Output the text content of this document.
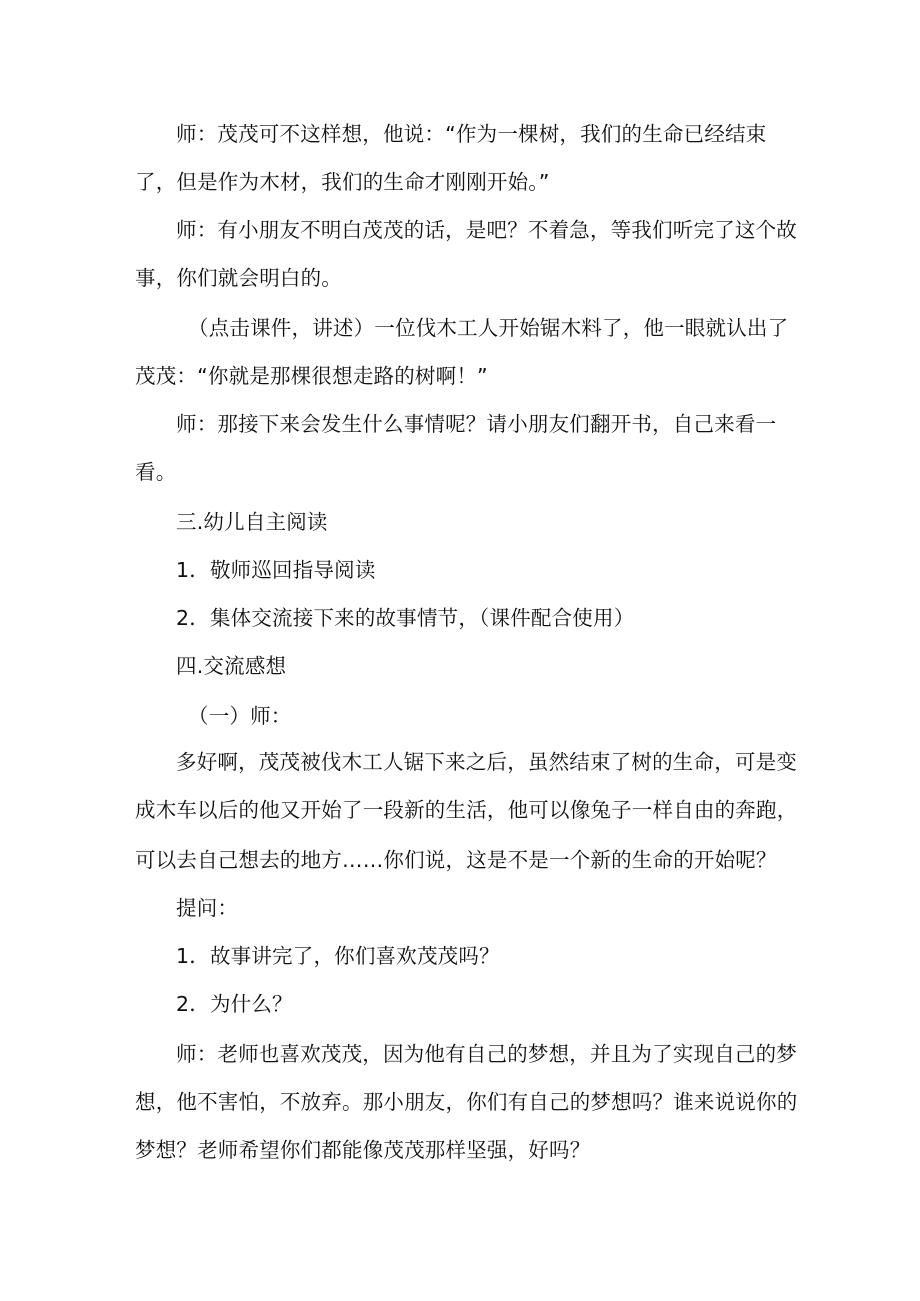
师：茂茂可不这样想，他说：“作为一棵树，我们的生命已经结束
了，但是作为木材，我们的生命才刚刚开始。”
师：有小朋友不明白茂茂的话，是吧？不着急，等我们听完了这个故
事，你们就会明白的。
（点击课件，讲述）一位伐木工人开始锯木料了，他一眼就认出了
茂茂：“你就是那棵很想走路的树啊！”
师：那接下来会发生什么事情呢？请小朋友们翻开书，自己来看一
看。
三.幼儿自主阅读
1．敬师巡回指导阅读
2．集体交流接下来的故事情节，（课件配合使用）
四.交流感想
（一）师：
多好啊，茂茂被伐木工人锯下来之后，虽然结束了树的生命，可是变
成木车以后的他又开始了一段新的生活，他可以像兔子一样自由的奔跑，
可以去自己想去的地方……你们说，这是不是一个新的生命的开始呢？
提问：
1．故事讲完了，你们喜欢茂茂吗？
2．为什么？
师：老师也喜欢茂茂，因为他有自己的梦想，并且为了实现自己的梦
想，他不害怕，不放弃。那小朋友，你们有自己的梦想吗？谁来说说你的
梦想？老师希望你们都能像茂茂那样坚强，好吗？
